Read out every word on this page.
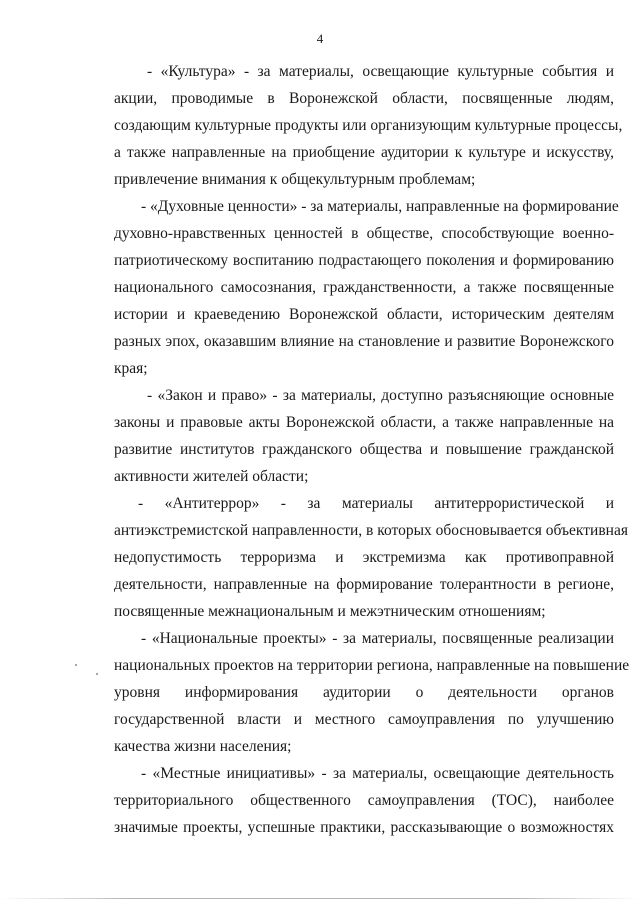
4
- «Культура» - за материалы, освещающие культурные события и
акции, проводимые в Воронежской области, посвященные людям,
создающим культурные продукты или организующим культурные процессы,
а также направленные на приобщение аудитории к культуре и искусству,
привлечение внимания к общекультурным проблемам;
- «Духовные ценности» - за материалы, направленные на формирование
духовно-нравственных ценностей в обществе, способствующие военно-
патриотическому воспитанию подрастающего поколения и формированию
национального самосознания, гражданственности, а также посвященные
истории и краеведению Воронежской области, историческим деятелям
разных эпох, оказавшим влияние на становление и развитие Воронежского
края;
- «Закон и право» - за материалы, доступно разъясняющие основные
законы и правовые акты Воронежской области, а также направленные на
развитие институтов гражданского общества и повышение гражданской
активности жителей области;
- «Антитеррор» - за материалы антитеррористической и
антиэкстремистской направленности, в которых обосновывается объективная
недопустимость терроризма и экстремизма как противоправной
деятельности, направленные на формирование толерантности в регионе,
посвященные межнациональным и межэтническим отношениям;
- «Национальные проекты» - за материалы, посвященные реализации
национальных проектов на территории региона, направленные на повышение
уровня информирования аудитории о деятельности органов
государственной власти и местного самоуправления по улучшению
качества жизни населения;
- «Местные инициативы» - за материалы, освещающие деятельность
территориального общественного самоуправления (ТОС), наиболее
значимые проекты, успешные практики, рассказывающие о возможностях
